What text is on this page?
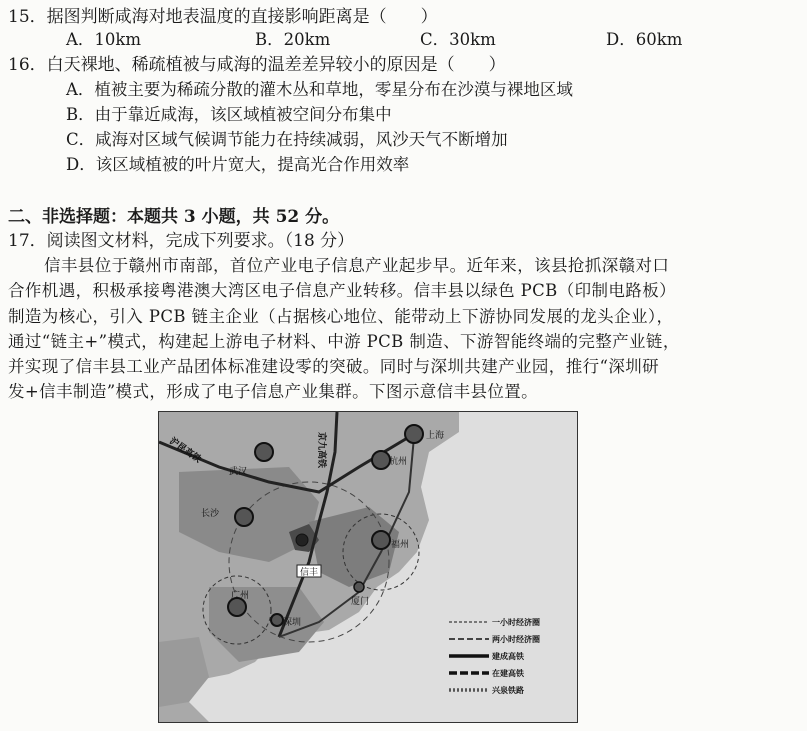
15．据图判断咸海对地表温度的直接影响距离是（　　）
A．10km	B．20km	C．30km	D．60km
16．白天裸地、稀疏植被与咸海的温差差异较小的原因是（　　）
A．植被主要为稀疏分散的灌木丛和草地，零星分布在沙漠与裸地区域
B．由于靠近咸海，该区域植被空间分布集中
C．咸海对区域气候调节能力在持续减弱，风沙天气不断增加
D．该区域植被的叶片宽大，提高光合作用效率
二、非选择题：本题共 3 小题，共 52 分。
17．阅读图文材料，完成下列要求。（18 分）
信丰县位于赣州市南部，首位产业电子信息产业起步早。近年来，该县抢抓深赣对口
合作机遇，积极承接粤港澳大湾区电子信息产业转移。信丰县以绿色 PCB（印制电路板）
制造为核心，引入 PCB 链主企业（占据核心地位、能带动上下游协同发展的龙头企业），
通过“链主+”模式，构建起上游电子材料、中游 PCB 制造、下游智能终端的完整产业链，
并实现了信丰县工业产品团体标准建设零的突破。同时与深圳共建产业园，推行“深圳研
发+信丰制造”模式，形成了电子信息产业集群。下图示意信丰县位置。
上海
杭州
武汉
长沙
福州
广州
深圳
厦门
信丰
沪昆高铁	京九高铁
一小时经济圈
两小时经济圈
建成高铁
在建高铁
兴泉铁路
